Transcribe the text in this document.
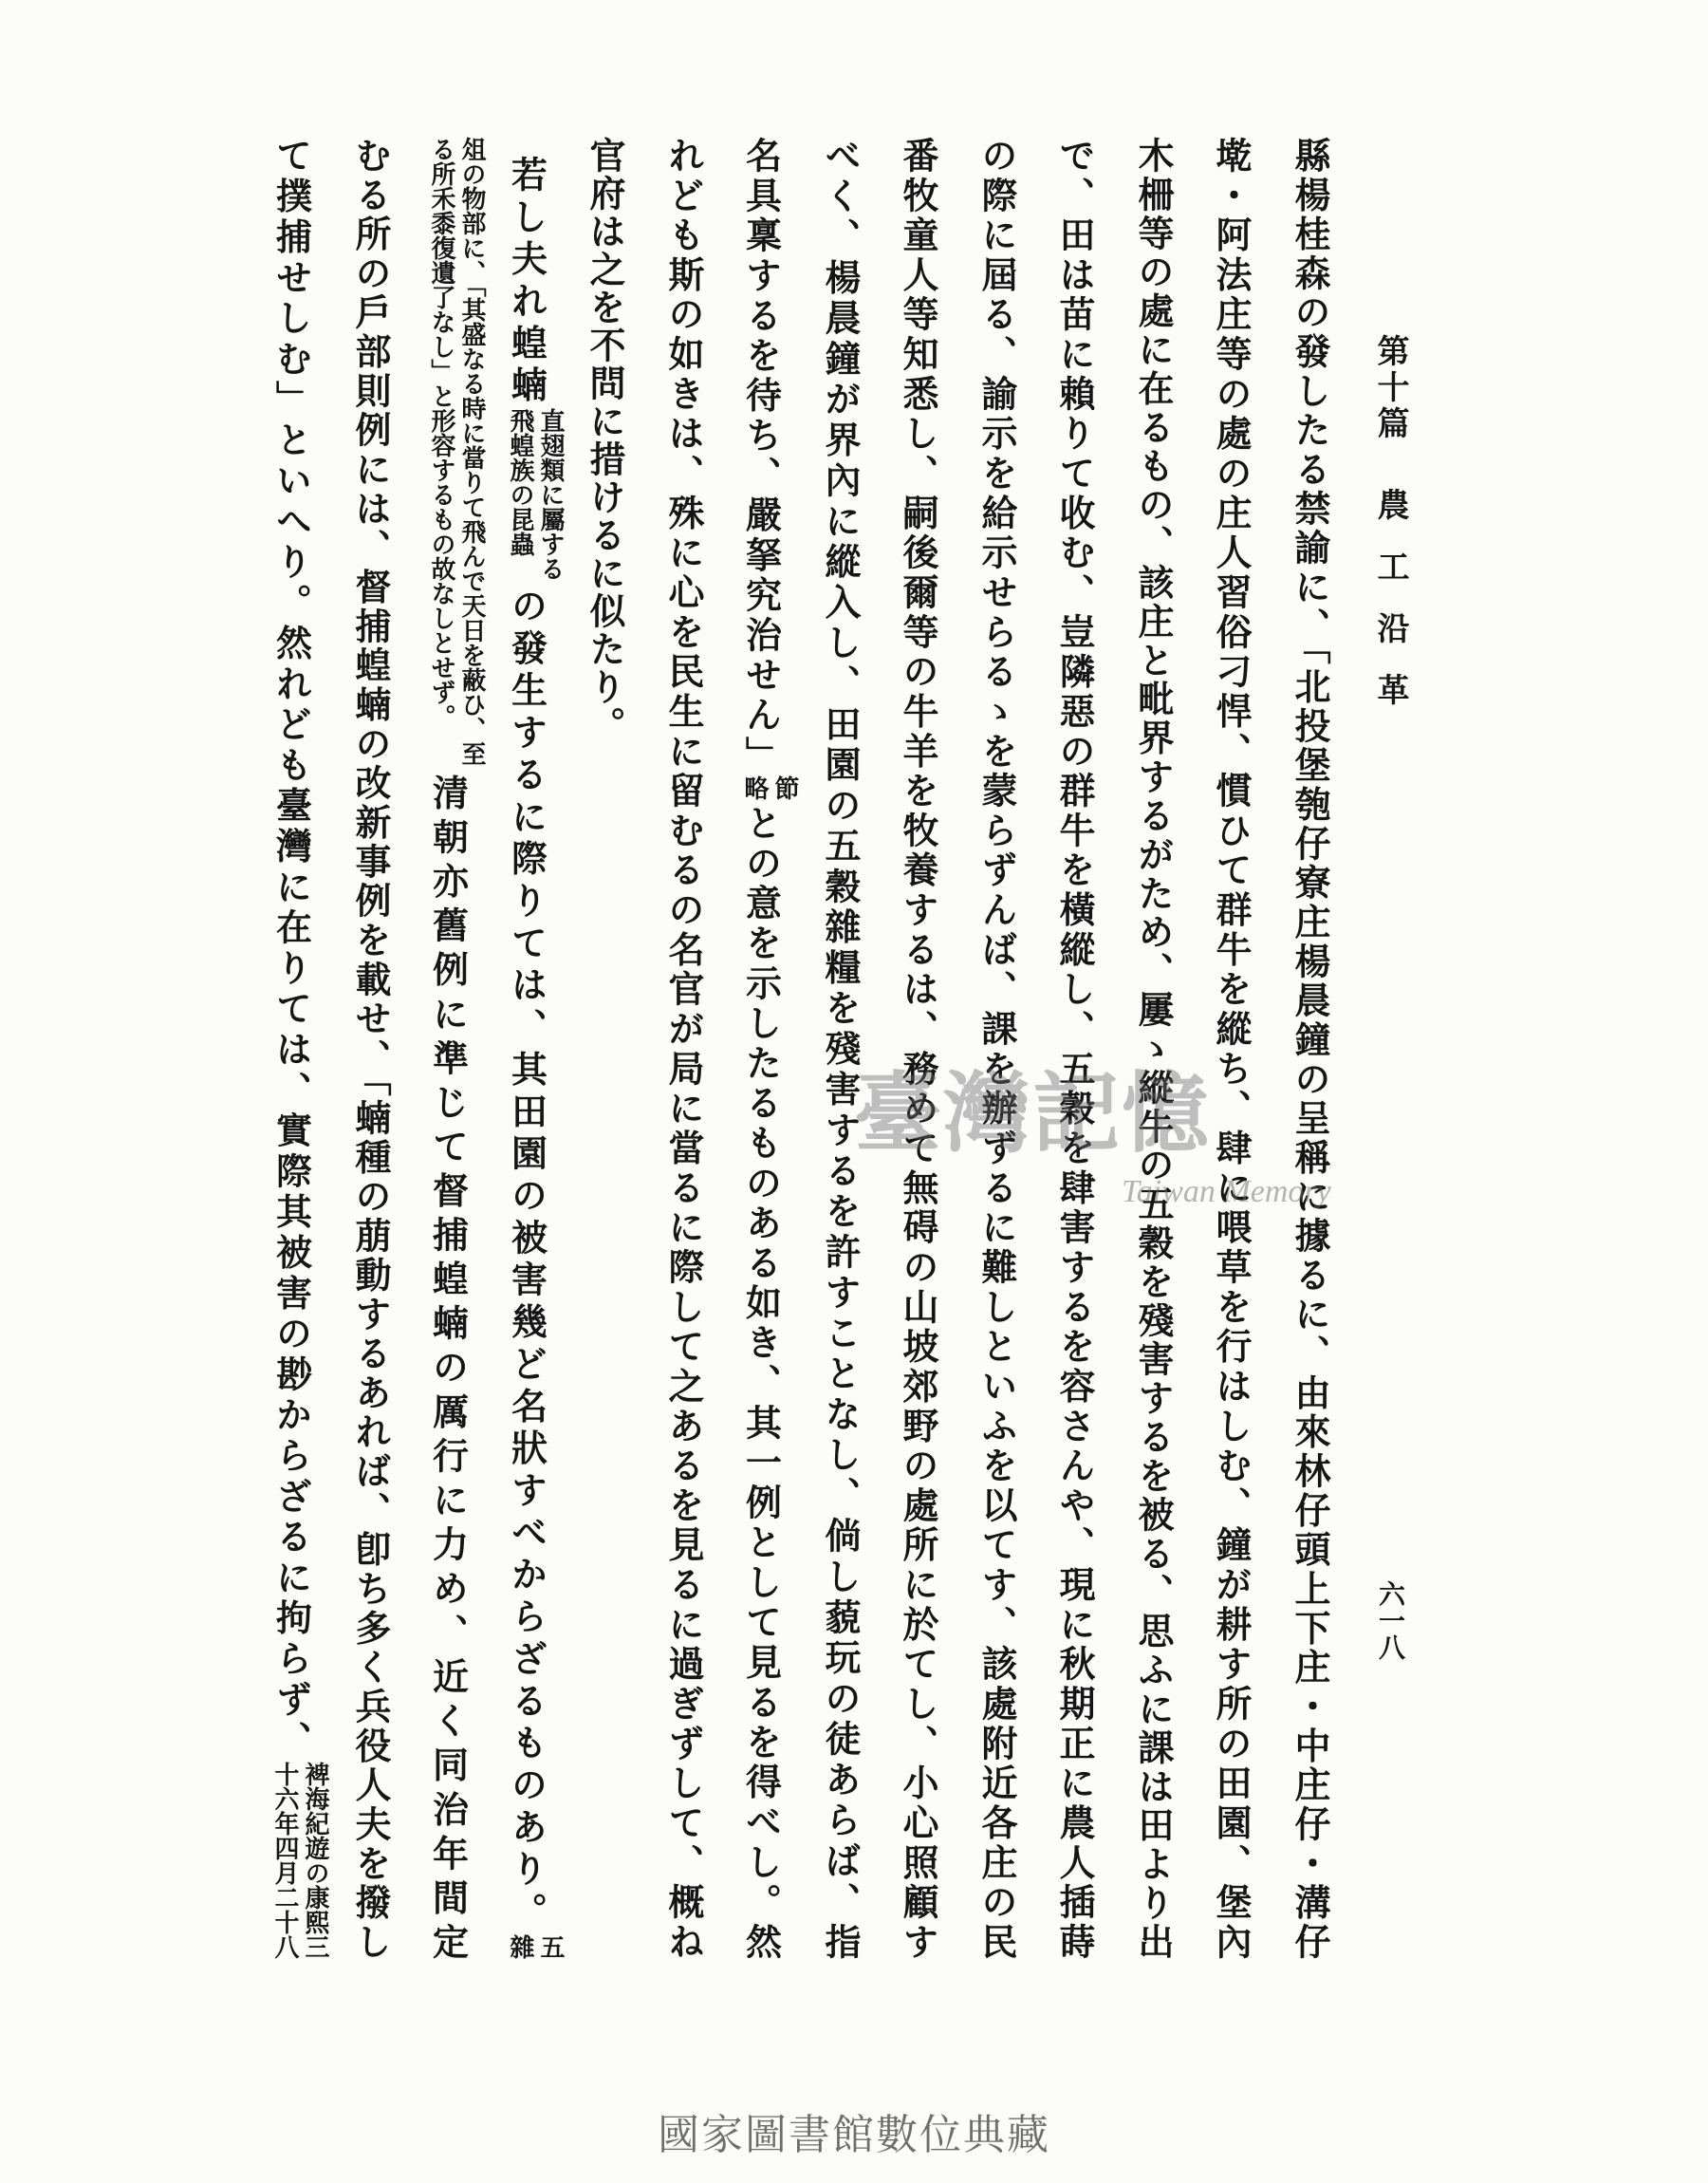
第十篇 農工沿革
六一八
縣楊桂森の發したる禁諭に、「北投堡匏仔寮庄楊晨鐘の呈稱に據るに、由來林仔頭上下庄・中庄仔・溝仔
墘・阿法庄等の處の庄人習俗刁悍、慣ひて群牛を縱ち、肆に喂草を行はしむ、鐘が耕す所の田園、堡內
木柵等の處に在るもの、該庄と毗界するがため、屢ゝ縱牛の五穀を殘害するを被る、思ふに課は田より出
で、田は苗に賴りて收む、豈隣惡の群牛を橫縱し、五穀を肆害するを容さんや、現に秋期正に農人插蒔
の際に屆る、諭示を給示せらるゝを蒙らずんば、課を辦ずるに難しといふを以てす、該處附近各庄の民
番牧童人等知悉し、嗣後爾等の牛羊を牧養するは、務めて無碍の山坡郊野の處所に於てし、小心照顧す
べく、楊晨鐘が界內に縱入し、田園の五穀雜糧を殘害するを許すことなし、倘し藐玩の徒あらば、指
名具稟するを待ち、嚴拏究治せん」
節
略
との意を示したるものある如き、其一例として見るを得べし。然
れども斯の如きは、殊に心を民生に留むるの名官が局に當るに際して之あるを見るに過ぎずして、概ね
官府は之を不問に措けるに似たり。
若し夫れ蝗蝻
直翅類に屬する
飛蝗族の昆蟲
の發生するに際りては、其田園の被害幾ど名狀すべからざるものあり。
五
雜
俎の物部に、「其盛なる時に當りて飛んで天日を蔽ひ、至
る所禾黍復遺了なし」と形容するもの故なしとせず。
清朝亦舊例に準じて督捕蝗蝻の厲行に力め、近く同治年間定
むる所の戶部則例には、督捕蝗蝻の改新事例を載せ、「蝻種の萠動するあれば、卽ち多く兵役人夫を撥し
て撲捕せしむ」といへり。然れども臺灣に在りては、實際其被害の尠からざるに拘らず、
裨海紀遊の康熙三
十六年四月二十八
臺灣記憶
Taiwan Memory
國家圖書館數位典藏
